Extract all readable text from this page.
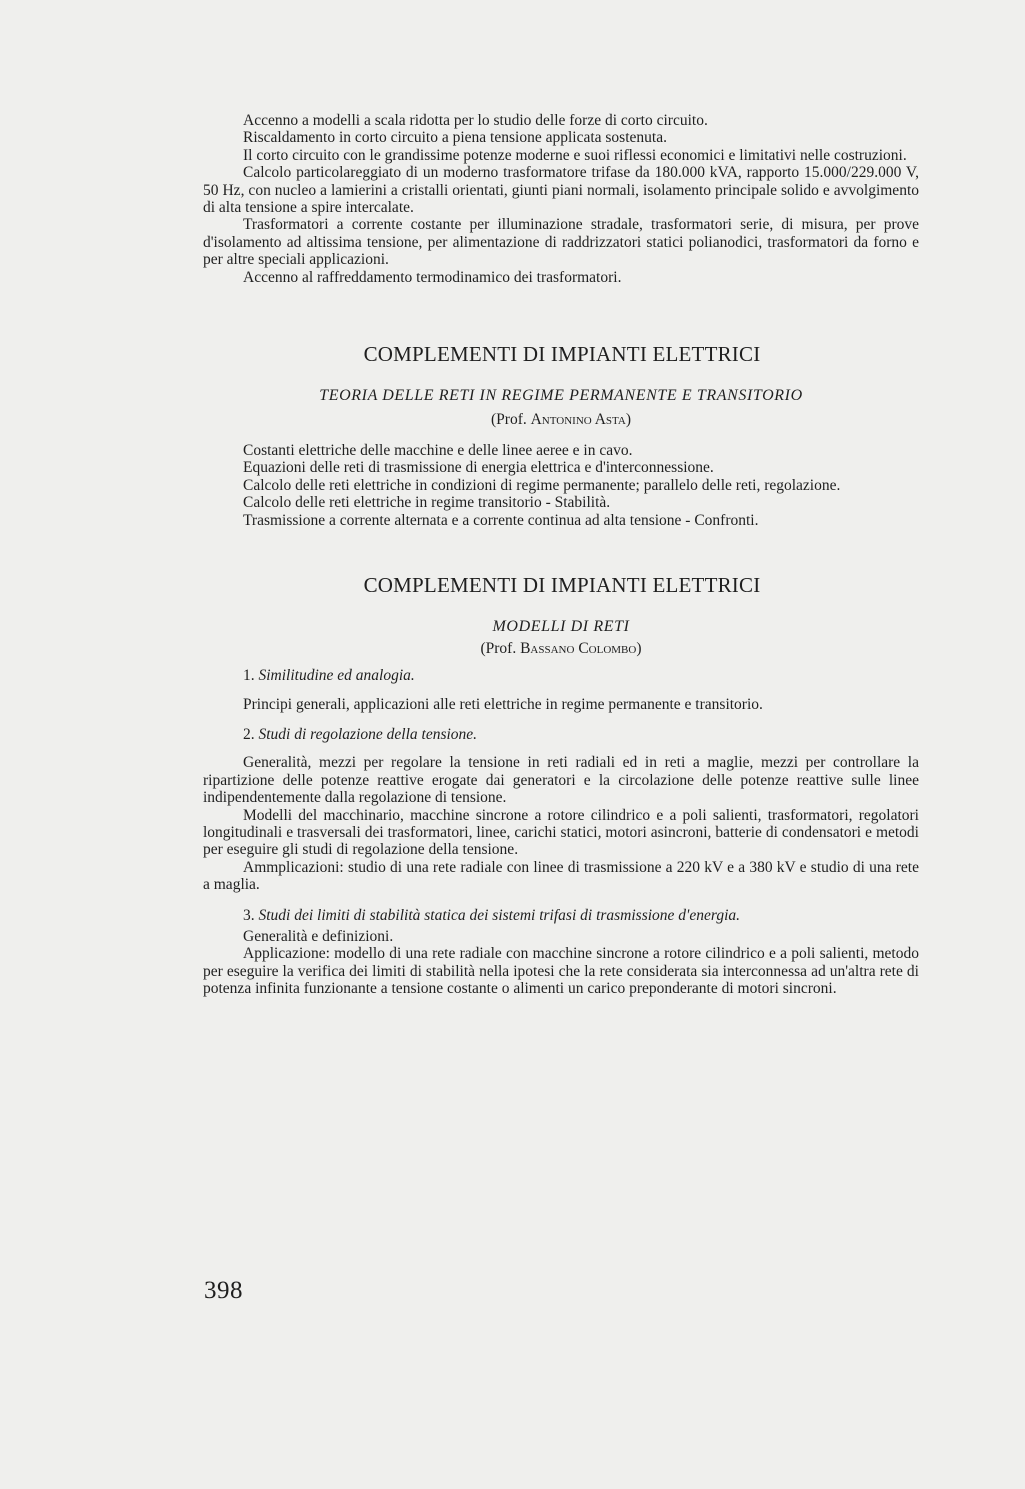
Accenno a modelli a scala ridotta per lo studio delle forze di corto circuito.

Riscaldamento in corto circuito a piena tensione applicata sostenuta.

Il corto circuito con le grandissime potenze moderne e suoi riflessi economici e limitativi nelle costruzioni.

Calcolo particolareggiato di un moderno trasformatore trifase da 180.000 kVA, rapporto 15.000/229.000 V, 50 Hz, con nucleo a lamierini a cristalli orientati, giunti piani normali, isolamento principale solido e avvolgimento di alta tensione a spire intercalate.

Trasformatori a corrente costante per illuminazione stradale, trasformatori serie, di misura, per prove d'isolamento ad altissima tensione, per alimentazione di raddrizzatori statici polianodici, trasformatori da forno e per altre speciali applicazioni.

Accenno al raffreddamento termodinamico dei trasformatori.

COMPLEMENTI DI IMPIANTI ELETTRICI
TEORIA DELLE RETI IN REGIME PERMANENTE E TRANSITORIO

(Prof. Antonino Asta)

Costanti elettriche delle macchine e delle linee aeree e in cavo.

Equazioni delle reti di trasmissione di energia elettrica e d'interconnessione.

Calcolo delle reti elettriche in condizioni di regime permanente; parallelo delle reti, regolazione.

Calcolo delle reti elettriche in regime transitorio - Stabilità.

Trasmissione a corrente alternata e a corrente continua ad alta tensione - Confronti.

COMPLEMENTI DI IMPIANTI ELETTRICI
MODELLI DI RETI

(Prof. Bassano Colombo)

1. Similitudine ed analogia.

Principi generali, applicazioni alle reti elettriche in regime permanente e transitorio.

2. Studi di regolazione della tensione.

Generalità, mezzi per regolare la tensione in reti radiali ed in reti a maglie, mezzi per controllare la ripartizione delle potenze reattive erogate dai generatori e la circolazione delle potenze reattive sulle linee indipendentemente dalla regolazione di tensione.

Modelli del macchinario, macchine sincrone a rotore cilindrico e a poli salienti, trasformatori, regolatori longitudinali e trasversali dei trasformatori, linee, carichi statici, motori asincroni, batterie di condensatori e metodi per eseguire gli studi di regolazione della tensione.

Ammplicazioni: studio di una rete radiale con linee di trasmissione a 220 kV e a 380 kV e studio di una rete a maglia.

3. Studi dei limiti di stabilità statica dei sistemi trifasi di trasmissione d'energia.

Generalità e definizioni.

Applicazione: modello di una rete radiale con macchine sincrone a rotore cilindrico e a poli salienti, metodo per eseguire la verifica dei limiti di stabilità nella ipotesi che la rete considerata sia interconnessa ad un'altra rete di potenza infinita funzionante a tensione costante o alimenti un carico preponderante di motori sincroni.

398
